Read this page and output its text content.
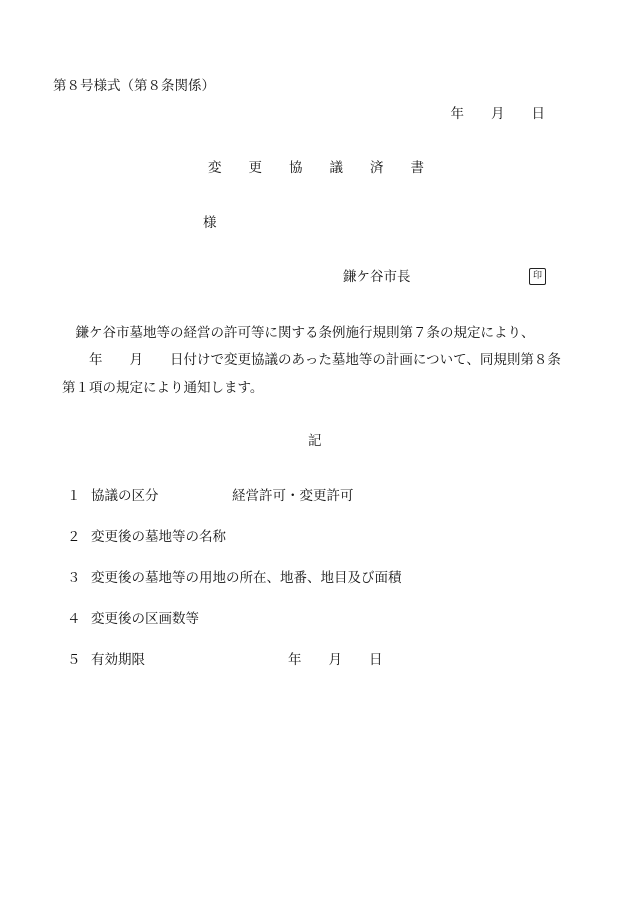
第８号様式（第８条関係）
年　　月　　日
変　　更　　協　　議　　済　　書
様
鎌ケ谷市長	印
　鎌ケ谷市墓地等の経営の許可等に関する条例施行規則第７条の規定により、
　　年　　月　　日付けで変更協議のあった墓地等の計画について、同規則第８条
第１項の規定により通知します。
記
１ 協議の区分	経営許可・変更許可
２ 変更後の墓地等の名称
３ 変更後の墓地等の用地の所在、地番、地目及び面積
４ 変更後の区画数等
５ 有効期限	年　　月　　日
